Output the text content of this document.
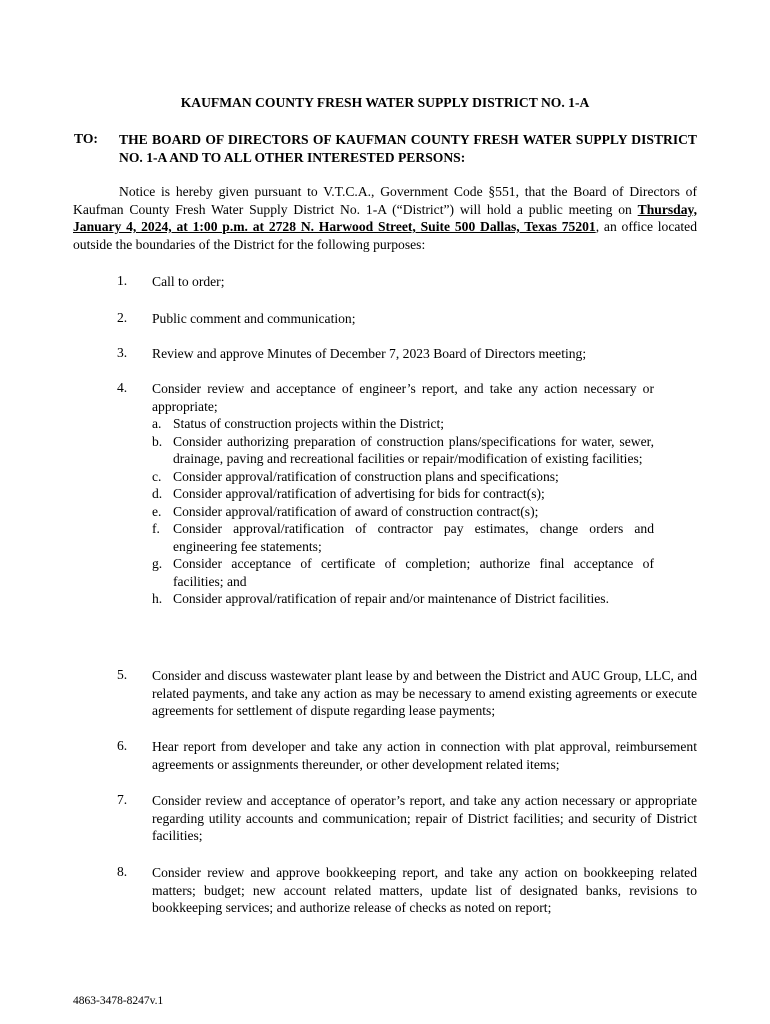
KAUFMAN COUNTY FRESH WATER SUPPLY DISTRICT NO. 1-A
TO: THE BOARD OF DIRECTORS OF KAUFMAN COUNTY FRESH WATER SUPPLY DISTRICT NO. 1-A AND TO ALL OTHER INTERESTED PERSONS:
Notice is hereby given pursuant to V.T.C.A., Government Code §551, that the Board of Directors of Kaufman County Fresh Water Supply District No. 1-A (“District”) will hold a public meeting on Thursday, January 4, 2024, at 1:00 p.m. at 2728 N. Harwood Street, Suite 500 Dallas, Texas 75201, an office located outside the boundaries of the District for the following purposes:
1. Call to order;
2. Public comment and communication;
3. Review and approve Minutes of December 7, 2023 Board of Directors meeting;
4. Consider review and acceptance of engineer’s report, and take any action necessary or appropriate;
a. Status of construction projects within the District;
b. Consider authorizing preparation of construction plans/specifications for water, sewer, drainage, paving and recreational facilities or repair/modification of existing facilities;
c. Consider approval/ratification of construction plans and specifications;
d. Consider approval/ratification of advertising for bids for contract(s);
e. Consider approval/ratification of award of construction contract(s);
f. Consider approval/ratification of contractor pay estimates, change orders and engineering fee statements;
g. Consider acceptance of certificate of completion; authorize final acceptance of facilities; and
h. Consider approval/ratification of repair and/or maintenance of District facilities.
5. Consider and discuss wastewater plant lease by and between the District and AUC Group, LLC, and related payments, and take any action as may be necessary to amend existing agreements or execute agreements for settlement of dispute regarding lease payments;
6. Hear report from developer and take any action in connection with plat approval, reimbursement agreements or assignments thereunder, or other development related items;
7. Consider review and acceptance of operator’s report, and take any action necessary or appropriate regarding utility accounts and communication; repair of District facilities; and security of District facilities;
8. Consider review and approve bookkeeping report, and take any action on bookkeeping related matters; budget; new account related matters, update list of designated banks, revisions to bookkeeping services; and authorize release of checks as noted on report;
4863-3478-8247v.1
